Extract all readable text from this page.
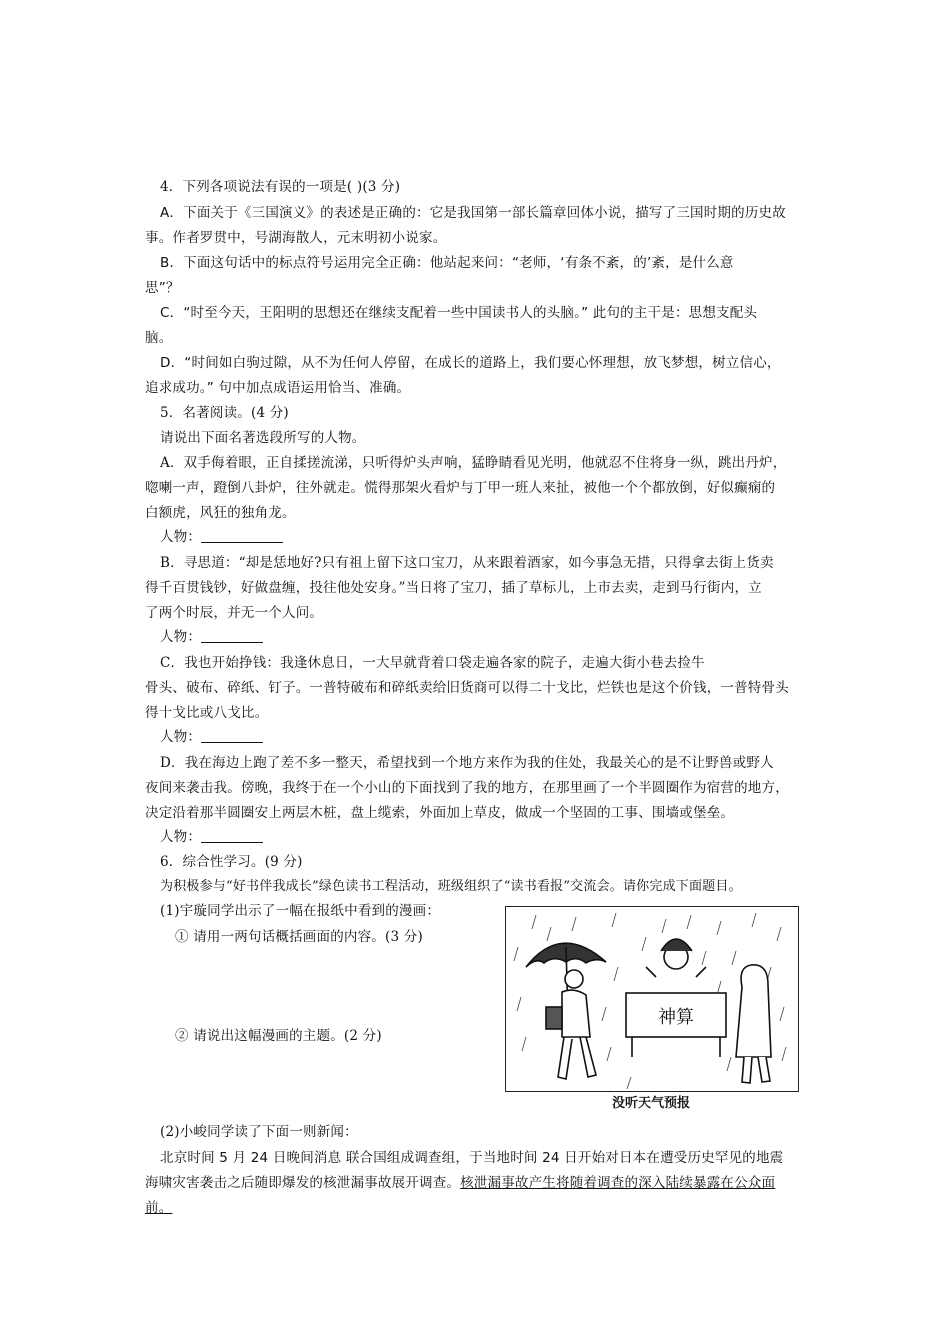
4．下列各项说法有误的一项是( )(3 分)
A．下面关于《三国演义》的表述是正确的：它是我国第一部长篇章回体小说，描写了三国时期的历史故
事。作者罗贯中，号湖海散人，元末明初小说家。
B．下面这句话中的标点符号运用完全正确：他站起来问：“老师，‘有条不紊，的’紊，是什么意
思”？
C．“时至今天，王阳明的思想还在继续支配着一些中国读书人的头脑。” 此句的主干是：思想支配头
脑。
D．“时间如白驹过隙，从不为任何人停留，在成长的道路上，我们要心怀理想，放飞梦想，树立信心，
追求成功。” 句中加点成语运用恰当、准确。
5．名著阅读。(4 分)
请说出下面名著选段所写的人物。
A．双手侮着眼，正自揉搓流涕，只听得炉头声响，猛睁睛看见光明，他就忍不住将身一纵，跳出丹炉，
唿喇一声，蹬倒八卦炉，往外就走。慌得那架火看炉与丁甲一班人来扯，被他一个个都放倒，好似癫痫的
白额虎，风狂的独角龙。
人物：
B．寻思道：“却是恁地好?只有祖上留下这口宝刀，从来跟着酒家，如今事急无措，只得拿去街上货卖
得千百贯钱钞，好做盘缠，投往他处安身。”当日将了宝刀，插了草标儿，上市去卖，走到马行街内，立
了两个时辰，并无一个人问。
人物：
C．我也开始挣钱：我逢休息日，一大早就背着口袋走遍各家的院子，走遍大街小巷去捡牛
骨头、破布、碎纸、钉子。一普特破布和碎纸卖给旧货商可以得二十戈比，烂铁也是这个价钱，一普特骨头
得十戈比或八戈比。
人物：
D．我在海边上跑了差不多一整天，希望找到一个地方来作为我的住处，我最关心的是不让野兽或野人
夜间来袭击我。傍晚，我终于在一个小山的下面找到了我的地方，在那里画了一个半圆圈作为宿营的地方，
决定沿着那半圆圈安上两层木桩，盘上缆索，外面加上草皮，做成一个坚固的工事、围墙或堡垒。
人物：
6．综合性学习。(9 分)
为积极参与“好书伴我成长”绿色读书工程活动，班级组织了“读书看报”交流会。请你完成下面题目。
(1)宇璇同学出示了一幅在报纸中看到的漫画：
① 请用一两句话概括画面的内容。(3 分)
② 请说出这幅漫画的主题。(2 分)
神算
没听天气预报
(2)小峻同学读了下面一则新闻：
北京时间 5 月 24 日晚间消息 联合国组成调查组，于当地时间 24 日开始对日本在遭受历史罕见的地震
海啸灾害袭击之后随即爆发的核泄漏事故展开调查。核泄漏事故产生将随着调查的深入陆续暴露在公众面
前。
